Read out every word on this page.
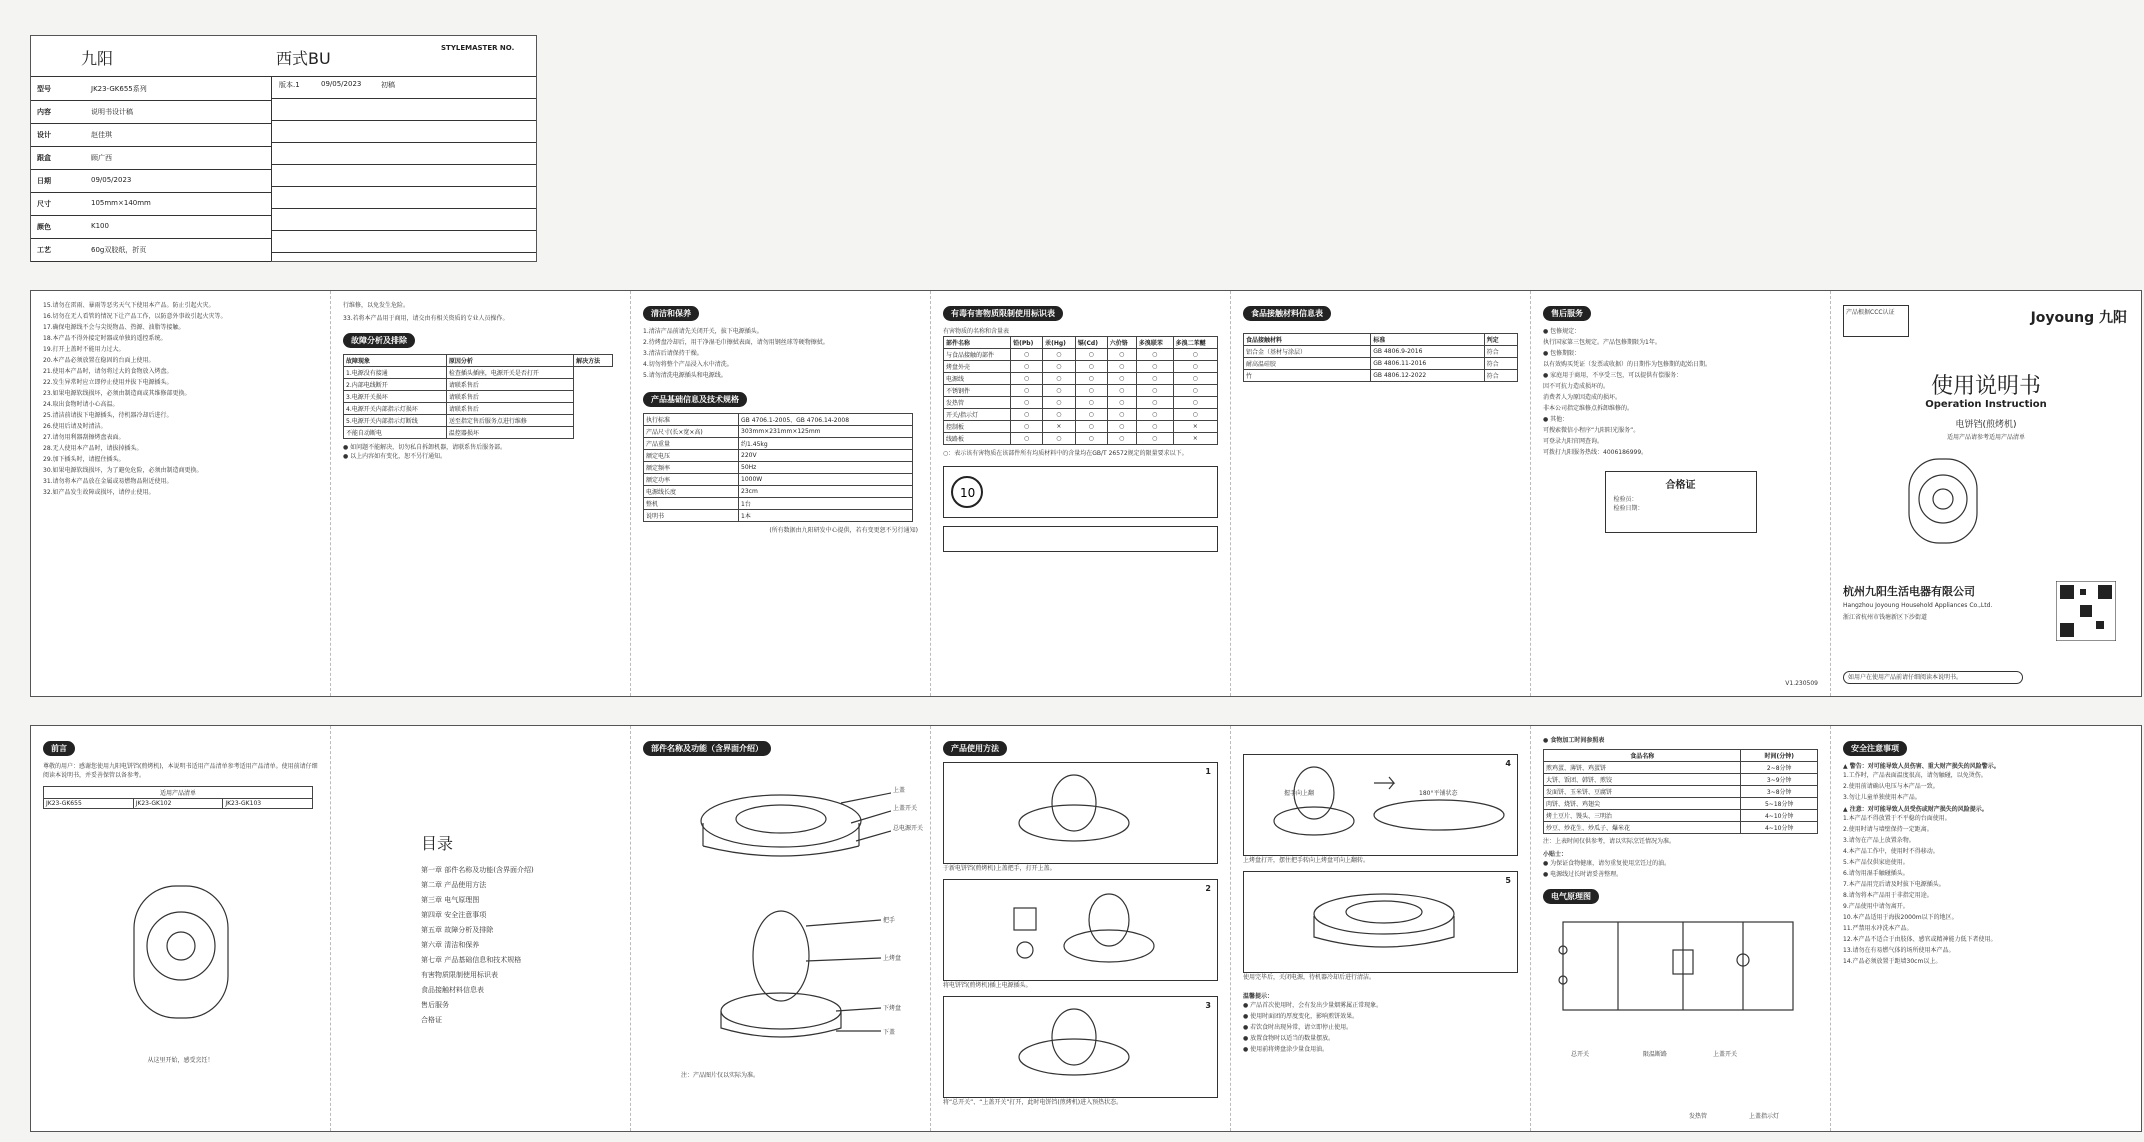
九阳	西式BU
STYLEMASTER NO.
型号	JK23-GK655系列
内容	说明书设计稿
设计	赵佳琪
跟盒	顾广西
日期	09/05/2023
尺寸	105mm×140mm
颜色	K100
工艺	60g双胶纸，折页
版本.1	09/05/2023	初稿

15.请勿在雷雨、暴雨等恶劣天气下使用本产品。防止引起火灾。

16.切勿在无人看管的情况下让产品工作，以防意外事故引起火灾等。

17.确保电源线不会与尖锐物品、热源、油脂等接触。

18.本产品不得外接定时器或单独的遥控系统。

19.打开上盖时不能用力过大。

20.本产品必须放置在稳固的台面上使用。

21.使用本产品时，请勿将过大的食物放入烤盘。

22.发生异常时应立即停止使用并拔下电源插头。

23.如果电源软线损坏，必须由制造商或其维修部更换。

24.取出食物时请小心高温。

25.清洁前请拔下电源插头，待机器冷却后进行。

26.使用后请及时清洁。

27.请勿用利器刮擦烤盘表面。

28.无人使用本产品时，请拔掉插头。

29.加下插头时，请握住插头。

30.如果电源软线损坏，为了避免危险，必须由制造商更换。

31.请勿将本产品放在金属或易燃物品附近使用。

32.如产品发生故障或损坏，请停止使用。

行维修，以免发生危险。
33.若将本产品用于商用，请交由有相关资质的专业人员操作。
故障分析及排除
故障现象	原因分析	解决方法
1.电源没有接通	检查插头插座，电源开关是否打开	
2.内部电线断开	请联系售后	
3.电源开关损坏	请联系售后	
4.电源开关内部指示灯损坏	请联系售后	
5.电源开关内部指示灯断线	送至指定售后服务点进行维修	
不能自动断电	温控器损坏	
● 如问题不能解决，切勿私自拆卸机器，请联系售后服务部。
● 以上内容如有变化，恕不另行通知。
清洁和保养

1.清洁产品前请先关闭开关，拔下电源插头。

2.待烤盘冷却后，用干净湿毛巾擦拭表面，请勿用钢丝球等硬物擦拭。

3.清洁后请保持干燥。

4.切勿将整个产品浸入水中清洗。

5.请勿清洗电源插头和电源线。

产品基础信息及技术规格
执行标准	GB 4706.1-2005、GB 4706.14-2008
产品尺寸(长×宽×高)	303mm×231mm×125mm
产品重量	约1.45kg
额定电压	220V
额定频率	50Hz
额定功率	1000W
电源线长度	23cm
整机	1台
说明书	1本
(所有数据由九阳研发中心提供，若有变更恕不另行通知)
有毒有害物质限制使用标识表
有害物质的名称和含量表
部件名称	铅(Pb)	汞(Hg)	镉(Cd)	六价铬	多溴联苯	多溴二苯醚
与食品接触的部件	○	○	○	○	○	○
烤盘外壳	○	○	○	○	○	○
电源线	○	○	○	○	○	○
不锈钢件	○	○	○	○	○	○
发热管	○	○	○	○	○	○
开关/指示灯	○	○	○	○	○	○
控制板	○	×	○	○	○	×
线路板	○	○	○	○	○	×
○：表示该有害物质在该部件所有均质材料中的含量均在GB/T 26572规定的限量要求以下。
10
食品接触材料信息表
食品接触材料	标准	判定
铝合金（基材与涂层）	GB 4806.9-2016	符合
耐高温硅胶	GB 4806.11-2016	符合
竹	GB 4806.12-2022	符合
售后服务

● 包修规定：

执行国家第三包规定。产品包修期限为1年。

● 包修期限：

以有效购买凭证（发票或收据）的日期作为包修期的起始日期。

● 家庭用于商用，不享受三包，可以提供有偿服务：

因不可抗力造成损坏的。

消费者人为原因造成的损坏。

非本公司指定维修点拆卸维修的。

● 其他：

可搜索微信小程序“九阳阳光服务”。

可登录九阳官网查询。

可拨打九阳服务热线：4006186999。

合格证
检验员：
检验日期：
V1.230509
产品根据CCC认证	Joyoung 九阳
使用说明书
Operation Instruction
电饼铛(煎烤机)
适用产品请参考适用产品清单
杭州九阳生活电器有限公司
Hangzhou Joyoung Household Appliances Co.,Ltd.
浙江省杭州市钱塘新区下沙街道
如用户在使用产品前请仔细阅读本说明书。
前言
尊敬的用户：感谢您使用九阳电饼铛(煎烤机)，本说明书适用产品清单参考适用产品清单。使用前请仔细阅读本说明书，并妥善保管以备参考。
适用产品清单
JK23-GK655	JK23-GK102	JK23-GK103
从这里开始，感受烹饪！
目录

第一章 部件名称及功能(含界面介绍)

第二章 产品使用方法

第三章 电气原理图

第四章 安全注意事项

第五章 故障分析及排除

第六章 清洁和保养

第七章 产品基础信息和技术规格

有害物质限制使用标识表

食品接触材料信息表

售后服务

合格证

部件名称及功能（含界面介绍）
上盖
上盖开关
总电源开关
把手
上烤盘
下烤盘
下盖
注：产品图片仅以实际为准。
产品使用方法
1
于新电饼铛(煎烤机)上盖把手，打开上盖。
2
将电饼铛(煎烤机)插上电源插头。
3
将“总开关”、“上盖开关”打开，此时电饼铛(煎烤机)进入预热状态。
4
握手向上翻	180°平铺状态
上烤盘打开，摆住把手转向上烤盘可向上翻转。
5
使用完毕后，关闭电源，待机器冷却后进行清洁。
温馨提示：

● 产品首次使用时，会有发出少量烟雾属正常现象。

● 使用时面团的厚度变化，影响煎饼效果。

● 若饮食时出现异常，请立即停止使用。

● 放置食物时以适当的数量摆放。

● 使用前将烤盘涂少量食用油。

● 食物加工时间参照表
食品名称	时间(分钟)
煎鸡蛋、薄饼、鸡蛋饼	2~8分钟
大饼、饭团、韩饼、煎饺	3~9分钟
发面饼、玉米饼、豆腐饼	3~8分钟
肉饼、烧饼、鸡翅尖	5~18分钟
烤土豆片、馒头、三明治	4~10分钟
炒豆、炒花生、炒瓜子、爆米花	4~10分钟
注：上表时间仅供参考，请以实际烹饪情况为准。
小贴士：

● 为保证食物健康，请勿重复使用烹饪过的油。

● 电源线过长时请妥善整理。

电气原理图
总开关	限温断路	上盖开关
上盖指示灯
发热管
安全注意事项
▲ 警告：对可能导致人员伤害、重大财产损失的风险警示。

1.工作时，产品表面温度很高，请勿触碰，以免烫伤。

2.使用前请确认电压与本产品一致。

3.勿让儿童单独使用本产品。

▲ 注意：对可能导致人员受伤或财产损失的风险提示。

1.本产品不得放置于不平稳的台面使用。

2.使用时请与墙壁保持一定距离。

3.请勿在产品上放置杂物。

4.本产品工作中，使用时不得移动。

5.本产品仅供家庭使用。

6.请勿用湿手触碰插头。

7.本产品用完后请及时拔下电源插头。

8.请勿将本产品用于非指定用途。

9.产品使用中请勿离开。

10.本产品适用于海拔2000m以下的地区。

11.严禁用水冲洗本产品。

12.本产品不适合于由肢体、感官或精神能力低下者使用。

13.请勿在有易燃气体的场所使用本产品。

14.产品必须放置于距墙30cm以上。
